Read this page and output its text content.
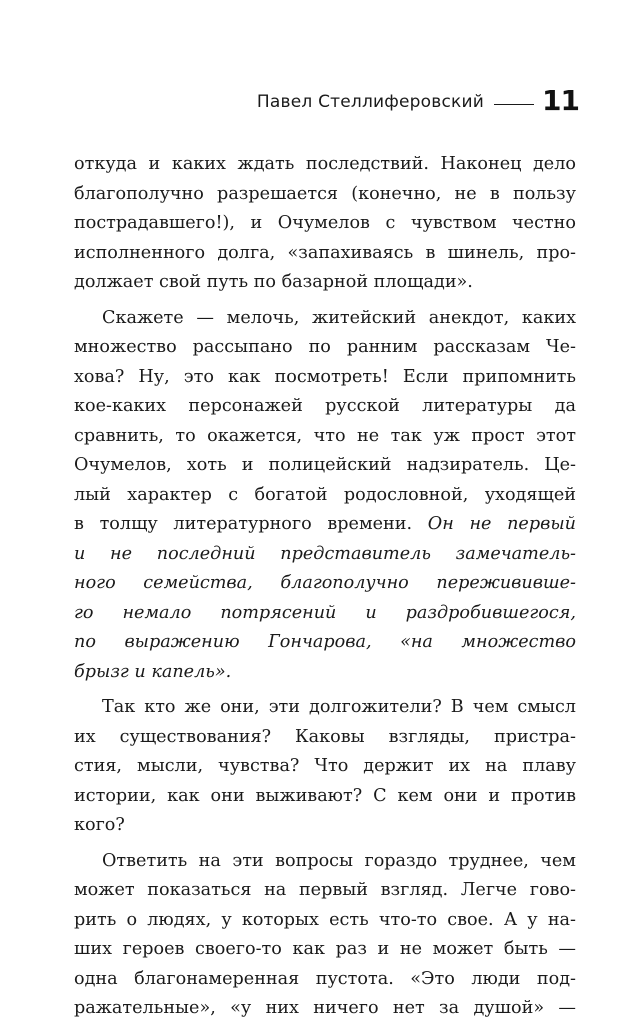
Павел Стеллиферовский 11
откуда и каких ждать последствий. Наконец дело
благополучно разрешается (конечно, не в пользу
пострадавшего!), и Очумелов с чувством честно
исполненного долга, «запахиваясь в шинель, про-
должает свой путь по базарной площади».
Скажете — мелочь, житейский анекдот, каких
множество рассыпано по ранним рассказам Че-
хова? Ну, это как посмотреть! Если припомнить
кое-каких персонажей русской литературы да
сравнить, то окажется, что не так уж прост этот
Очумелов, хоть и полицейский надзиратель. Це-
лый характер с богатой родословной, уходящей
в толщу литературного времени. Он не первый
и не последний представитель замечатель-
ного семейства, благополучно пережививше-
го немало потрясений и раздробившегося,
по выражению Гончарова, «на множество
брызг и капель».
Так кто же они, эти долгожители? В чем смысл
их существования? Каковы взгляды, пристра-
стия, мысли, чувства? Что держит их на плаву
истории, как они выживают? С кем они и против
кого?
Ответить на эти вопросы гораздо труднее, чем
может показаться на первый взгляд. Легче гово-
рить о людях, у которых есть что-то свое. А у на-
ших героев своего-то как раз и не может быть —
одна благонамеренная пустота. «Это люди под-
ражательные», «у них ничего нет за душой» —
